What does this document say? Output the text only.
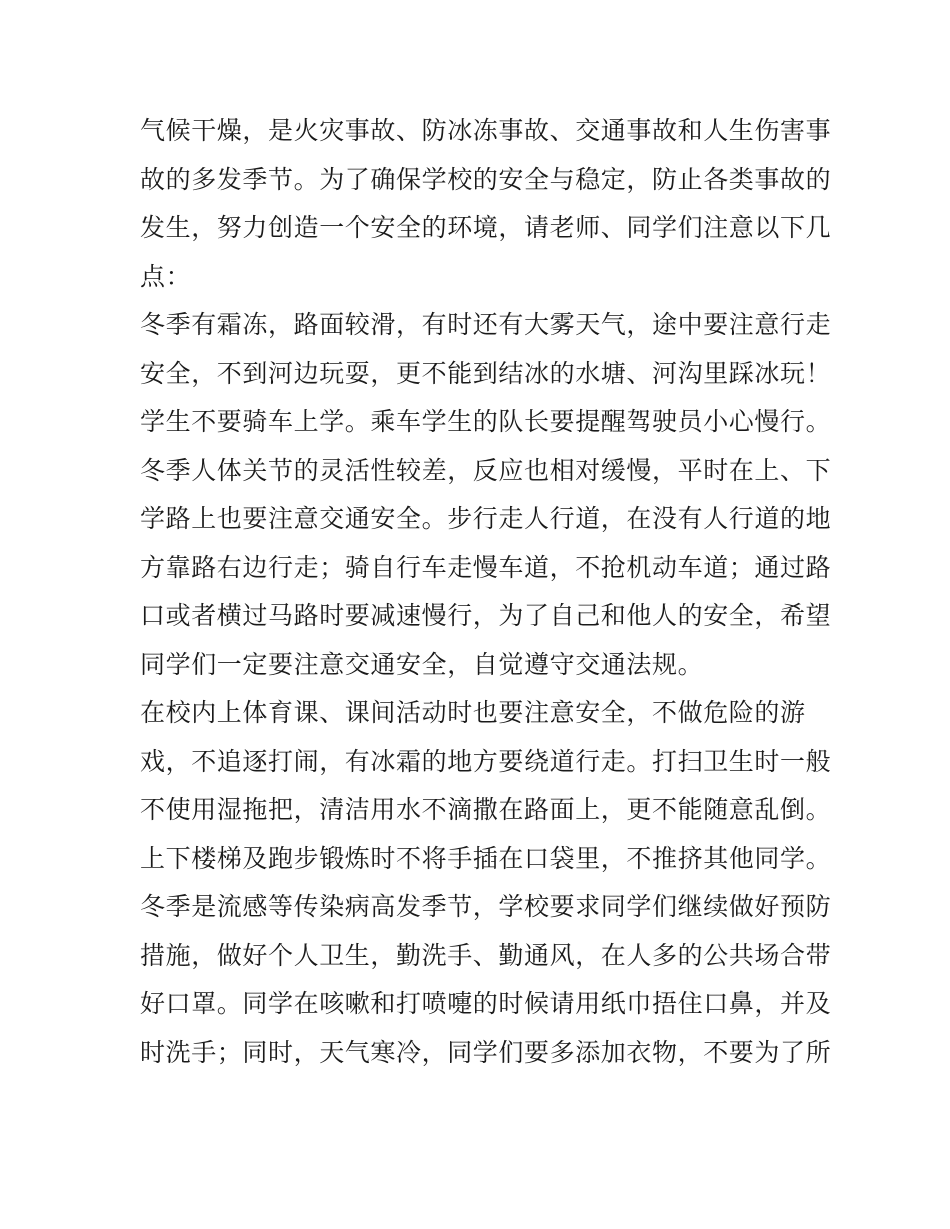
气候干燥，是火灾事故、防冰冻事故、交通事故和人生伤害事
故的多发季节。为了确保学校的安全与稳定，防止各类事故的
发生，努力创造一个安全的环境，请老师、同学们注意以下几
点：
冬季有霜冻，路面较滑，有时还有大雾天气，途中要注意行走
安全，不到河边玩耍，更不能到结冰的水塘、河沟里踩冰玩！
学生不要骑车上学。乘车学生的队长要提醒驾驶员小心慢行。
冬季人体关节的灵活性较差，反应也相对缓慢，平时在上、下
学路上也要注意交通安全。步行走人行道，在没有人行道的地
方靠路右边行走；骑自行车走慢车道，不抢机动车道；通过路
口或者横过马路时要减速慢行，为了自己和他人的安全，希望
同学们一定要注意交通安全，自觉遵守交通法规。
在校内上体育课、课间活动时也要注意安全，不做危险的游
戏，不追逐打闹，有冰霜的地方要绕道行走。打扫卫生时一般
不使用湿拖把，清洁用水不滴撒在路面上，更不能随意乱倒。
上下楼梯及跑步锻炼时不将手插在口袋里，不推挤其他同学。
冬季是流感等传染病高发季节，学校要求同学们继续做好预防
措施，做好个人卫生，勤洗手、勤通风，在人多的公共场合带
好口罩。同学在咳嗽和打喷嚏的时候请用纸巾捂住口鼻，并及
时洗手；同时，天气寒冷，同学们要多添加衣物，不要为了所
